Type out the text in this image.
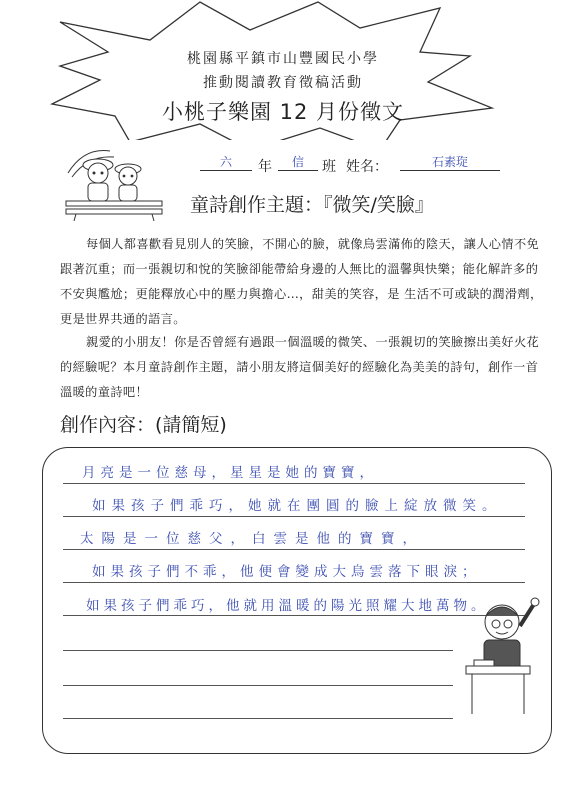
桃園縣平鎮市山豐國民小學
推動閱讀教育徵稿活動
小桃子樂園 12 月份徵文
六	年	信	班 姓名：	石素琁
童詩創作主題：『微笑/笑臉』
每個人都喜歡看見別人的笑臉，不開心的臉，就像烏雲滿佈的陰天，讓人心情不免跟著沉重；而一張親切和悅的笑臉卻能帶給身邊的人無比的溫馨與快樂；能化解許多的不安與尷尬；更能釋放心中的壓力與擔心…，甜美的笑容，是 生活不可或缺的潤滑劑，更是世界共通的語言。
親愛的小朋友！你是否曾經有過跟一個溫暖的微笑、一張親切的笑臉擦出美好火花的經驗呢？本月童詩創作主題，請小朋友將這個美好的經驗化為美美的詩句，創作一首溫暖的童詩吧！
創作內容：(請簡短)
月亮是一位慈母，星星是她的寶寶，
如果孩子們乖巧，她就在團圓的臉上綻放微笑。
太陽是一位慈父，白雲是他的寶寶，
如果孩子們不乖，他便會變成大烏雲落下眼淚；
如果孩子們乖巧，他就用溫暖的陽光照耀大地萬物。
